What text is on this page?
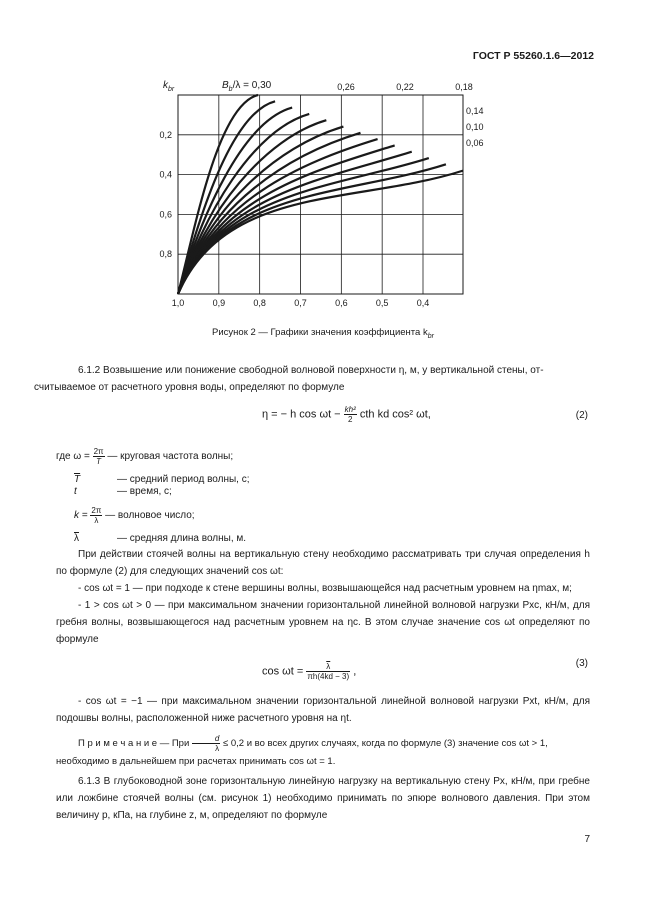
ГОСТ Р 55260.1.6—2012
1,0	0,9	0,8	0,7	0,6	0,5	0,4
0,2
0,4
0,6
0,8
0,26	0,22	0,18
0,14
0,10
0,06
$k_{br}$	$B_b/\lambda = 0,30$
Рисунок 2 — Графики значения коэффициента $k_{br}$
6.1.2 Возвышение или понижение свободной волновой поверхности η, м, у вертикальной стены, от-
считываемое от расчетного уровня воды, определяют по формуле
η = − h $\cos \omega t - \frac{\text{kh²}}{2}$ cth kd cos² ωt,	(2)
где $\omega = \frac{2\pi}{T}$ — круговая частота волны;
$\overline{T}$	— средний период волны, с;
t	— время, с;
$k = \frac{2\pi}{\lambda}$ — волновое число;
$\overline{\lambda}$	— средняя длина волны, м.
При действии стоячей волны на вертикальную стену необходимо рассматривать три случая определения h по формуле (2) для следующих значений cos ωt:
- cos ωt = 1 — при подходе к стене вершины волны, возвышающейся над расчетным уровнем на ηmax, м;
- 1 > cos ωt > 0 — при максимальном значении горизонтальной линейной волновой нагрузки Pxc, кН/м, для гребня волны, возвышающегося над расчетным уровнем на ηc. В этом случае значение cos ωt определяют по формуле
$\cos \omega t = \frac{\overline{\lambda}}{\pi h(4kd - 3)}$ ,
(3)
- cos ωt = −1 — при максимальном значении горизонтальной линейной волновой нагрузки Pxt, кН/м, для подошвы волны, расположенной ниже расчетного уровня на ηt.
П р и м е ч а н и е — При $\frac{d}{\lambda} \le 0,2$ и во всех других случаях, когда по формуле (3) значение cos ωt > 1,
необходимо в дальнейшем при расчетах принимать cos ωt = 1.
6.1.3 В глубоководной зоне горизонтальную линейную нагрузку на вертикальную стену Px, кН/м, при гребне или ложбине стоячей волны (см. рисунок 1) необходимо принимать по эпюре волнового давления. При этом величину p, кПа, на глубине z, м, определяют по формуле
7
